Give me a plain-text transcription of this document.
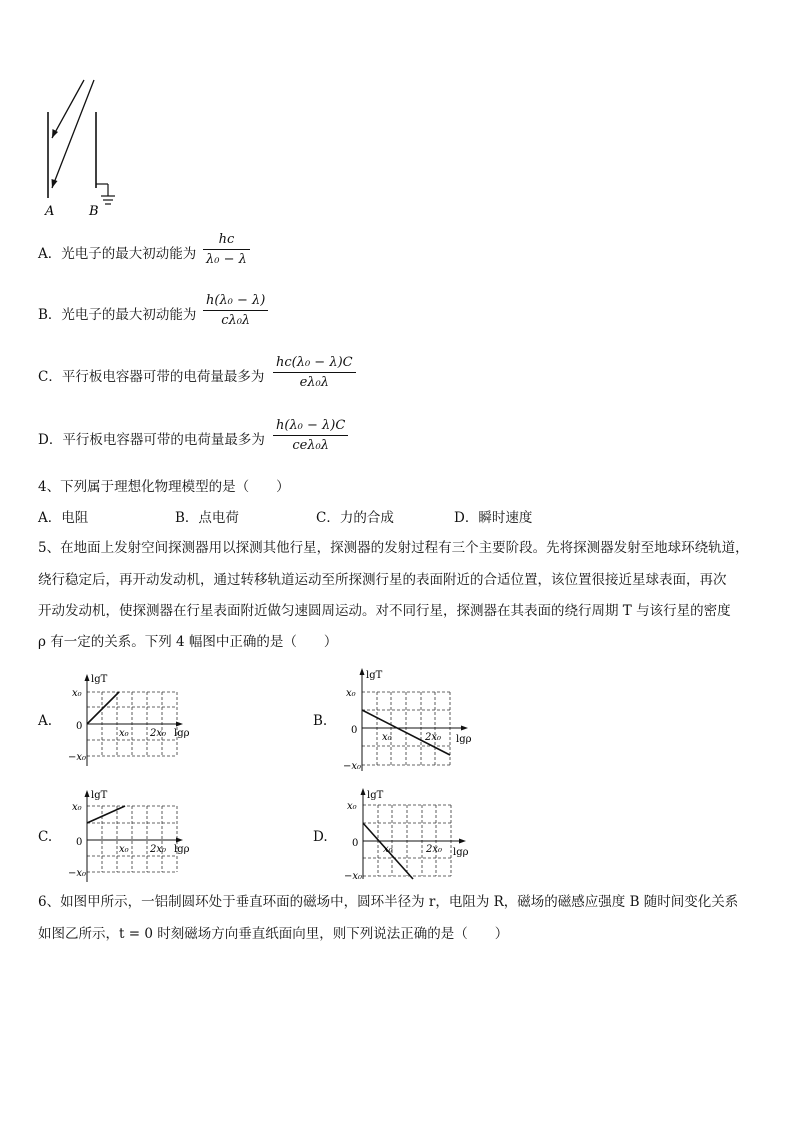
A	B
A．光电子的最大初动能为 $\frac{hc}{\text{λ₀ − λ}}$
B．光电子的最大初动能为 $\frac{\text{h(λ₀ − λ)}}{\text{cλ₀λ}}$
C．平行板电容器可带的电荷量最多为 $\frac{\text{hc(λ₀ − λ)C}}{\text{eλ₀λ}}$
D．平行板电容器可带的电荷量最多为
h(λ₀ − λ)C
ceλ₀λ
4、下列属于理想化物理模型的是（　　）
A．电阻	B．点电荷	C．力的合成	D．瞬时速度
5、在地面上发射空间探测器用以探测其他行星，探测器的发射过程有三个主要阶段。先将探测器发射至地球环绕轨道，
绕行稳定后，再开动发动机，通过转移轨道运动至所探测行星的表面附近的合适位置，该位置很接近星球表面，再次
开动发动机，使探测器在行星表面附近做匀速圆周运动。对不同行星，探测器在其表面的绕行周期 T 与该行星的密度
ρ 有一定的关系。下列 4 幅图中正确的是（　　）
A.	B.
C.	D.
lgT
lgρ
x₀
0
−x₀
x₀ 2x₀
lgT
lgρ
x₀
0
−x₀
x₀	2x₀
lgT
lgρ
x₀
0
−x₀
x₀ 2x₀
lgT
lgρ
x₀
0
−x₀
x₀	2x₀
6、如图甲所示，一铝制圆环处于垂直环面的磁场中，圆环半径为 r，电阻为 R，磁场的磁感应强度 B 随时间变化关系
如图乙所示，t = 0 时刻磁场方向垂直纸面向里，则下列说法正确的是（　　）
